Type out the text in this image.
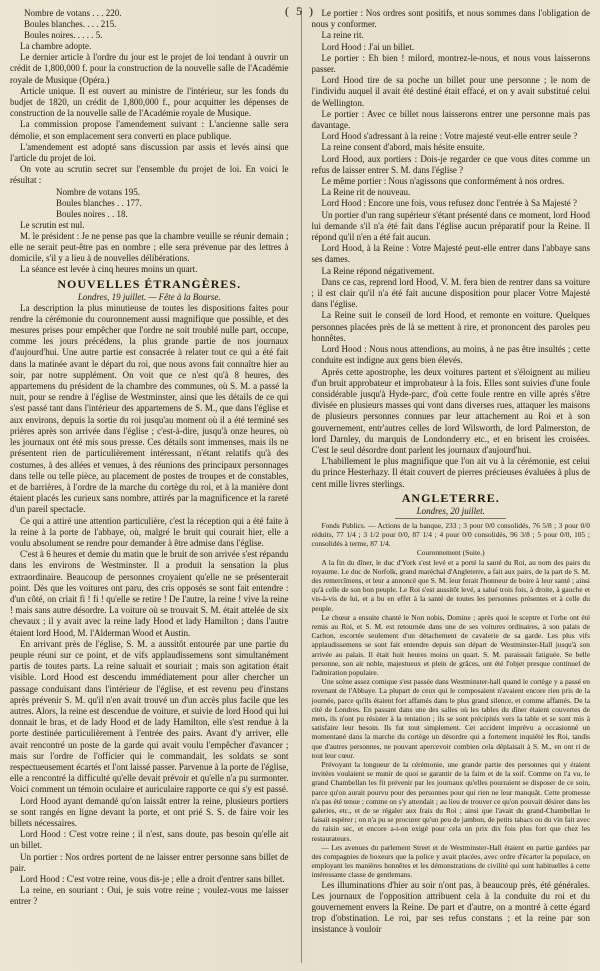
( 5 )
Nombre de votans . . . 220.
Boules blanches. . . . 215.
Boules noires. . . . . 5.

La chambre adopte.

Le dernier article à l'ordre du jour est le projet de loi tendant à ouvrir un crédit de 1,800,000 f. pour la construction de la nouvelle salle de l'Académie royale de Musique (Opéra.)

Article unique. Il est ouvert au ministre de l'intérieur, sur les fonds du budjet de 1820, un crédit de 1,800,000 f., pour acquitter les dépenses de construction de la nouvelle salle de l'Académie royale de Musique.

La commission propose l'amendement suivant : L'ancienne salle sera démolie, et son emplacement sera converti en place publique.

L'amendement est adopté sans discussion par assis et levés ainsi que l'article du projet de loi.

On vote au scrutin secret sur l'ensemble du projet de loi. En voici le résultat :

Nombre de votans 195.
Boules blanches . . 177.
Boules noires . . 18.

Le scrutin est nul.

M. le président : Je ne pense pas que la chambre veuille se réunir demain ; elle ne serait peut-être pas en nombre ; elle sera prévenue par des lettres à domicile, s'il y a lieu à de nouvelles délibérations.

La séance est levée à cinq heures moins un quart.

NOUVELLES ÉTRANGÈRES.
Londres, 19 juillet. — Fête à la Bourse.

La description la plus minutieuse de toutes les dispositions faites pour rendre la cérémonie du couronnement aussi magnifique que possible, et des mesures prises pour empêcher que l'ordre ne soit troublé nulle part, occupe, comme les jours précédens, la plus grande partie de nos journaux d'aujourd'hui. Une autre partie est consacrée à relater tout ce qui a été fait dans la matinée avant le départ du roi, que nous avons fait connaître hier au soir, par notre supplément. On voit que ce n'est qu'à 8 heures, des appartemens du président de la chambre des communes, où S. M. a passé la nuit, pour se rendre à l'église de Westminster, ainsi que les détails de ce qui s'est passé tant dans l'intérieur des appartemens de S. M., que dans l'église et aux environs, depuis la sortie du roi jusqu'au moment où il a été terminé ses prières après son arrivée dans l'église ; c'est-à-dire, jusqu'à onze heures, où les journaux ont été mis sous presse. Ces détails sont immenses, mais ils ne présentent rien de particulièrement intéressant, n'étant relatifs qu'à des costumes, à des allées et venues, à des réunions des principaux personnages dans telle ou telle pièce, au placement de postes de troupes et de constables, et de barrières, à l'ordre de la marche du cortège du roi, et à la manière dont étaient placés les curieux sans nombre, attirés par la magnificence et la rareté d'un pareil spectacle.

Ce qui a attiré une attention particulière, c'est la réception qui a été faite à la reine à la porte de l'abbaye, où, malgré le bruit qui courait hier, elle a voulu absolument se rendre pour demander à être admise dans l'église.

C'est à 6 heures et demie du matin que le bruit de son arrivée s'est répandu dans les environs de Westminster. Il a produit la sensation la plus extraordinaire. Beaucoup de personnes croyaient qu'elle ne se présenterait point. Dès que les voitures ont paru, des cris opposés se sont fait entendre : d'un côté, on criait fi ! fi ! qu'elle se retire ! De l'autre, la reine ! vive la reine ! mais sans autre désordre. La voiture où se trouvait S. M. était attelée de six chevaux ; il y avait avec la reine lady Hood et lady Hamilton ; dans l'autre étaient lord Hood, M. l'Alderman Wood et Austin.

En arrivant près de l'église, S. M. a aussitôt entourée par une partie du peuple réuni sur ce point, et de vifs applaudissemens sont simultanément partis de toutes parts. La reine saluait et souriait ; mais son agitation était visible. Lord Hood est descendu immédiatement pour aller chercher un passage conduisant dans l'intérieur de l'église, et est revenu peu d'instans après prévenir S. M. qu'il n'en avait trouvé un d'un accès plus facile que les autres. Alors, la reine est descendue de voiture, et suivie de lord Hood qui lui donnait le bras, et de lady Hood et de lady Hamilton, elle s'est rendue à la porte destinée particulièrement à l'entrée des pairs. Avant d'y arriver, elle avait rencontré un poste de la garde qui avait voulu l'empêcher d'avancer ; mais sur l'ordre de l'officier qui le commandait, les soldats se sont respectueusement écartés et l'ont laissé passer. Parvenue à la porte de l'église, elle a rencontré la difficulté qu'elle devait prévoir et qu'elle n'a pu surmonter. Voici comment un témoin oculaire et auriculaire rapporte ce qui s'y est passé.

Lord Hood ayant demandé qu'on laissât entrer la reine, plusieurs portiers se sont rangés en ligne devant la porte, et ont prié S. S. de faire voir les billets nécessaires.

Lord Hood : C'est votre reine ; il n'est, sans doute, pas besoin qu'elle ait un billet.

Un portier : Nos ordres portent de ne laisser entrer personne sans billet de pair.

Lord Hood : C'est votre reine, vous dis-je ; elle a droit d'entrer sans billet.

La reine, en souriant : Oui, je suis votre reine ; voulez-vous me laisser entrer ?

Le portier : Nos ordres sont positifs, et nous sommes dans l'obligation de nous y conformer.

La reine rit.

Lord Hood : J'ai un billet.

Le portier : Eh bien ! milord, montrez-le-nous, et nous vous laisserons passer.

Lord Hood tire de sa poche un billet pour une personne ; le nom de l'individu auquel il avait été destiné était effacé, et on y avait substitué celui de Wellington.

Le portier : Avec ce billet nous laisserons entrer une personne mais pas davantage.

Lord Hood s'adressant à la reine : Votre majesté veut-elle entrer seule ?

La reine consent d'abord, mais hésite ensuite.

Lord Hood, aux portiers : Dois-je regarder ce que vous dites comme un refus de laisser entrer S. M. dans l'église ?

Le même portier : Nous n'agissons que conformément à nos ordres.

La Reine rit de nouveau.

Lord Hood : Encore une fois, vous refusez donc l'entrée à Sa Majesté ?

Un portier d'un rang supérieur s'étant présenté dans ce moment, lord Hood lui demande s'il n'a été fait dans l'église aucun préparatif pour la Reine. Il répond qu'il n'en a été fait aucun.

Lord Hood, à la Reine : Votre Majesté peut-elle entrer dans l'abbaye sans ses dames.

La Reine répond négativement.

Dans ce cas, reprend lord Hood, V. M. fera bien de rentrer dans sa voiture ; il est clair qu'il n'a été fait aucune disposition pour placer Votre Majesté dans l'église.

La Reine suit le conseil de lord Hood, et remonte en voiture. Quelques personnes placées près de là se mettent à rire, et prononcent des paroles peu honnêtes.

Lord Hood : Nous nous attendions, au moins, à ne pas être insultés ; cette conduite est indigne aux gens bien élevés.

Après cette apostrophe, les deux voitures partent et s'éloignent au milieu d'un bruit approbateur et improbateur à la fois. Elles sont suivies d'une foule considérable jusqu'à Hyde-parc, d'où cette foule rentre en ville après s'être divisée en plusieurs masses qui vont dans diverses rues, attaquer les maisons de plusieurs personnes connues par leur attachement au Roi et à son gouvernement, entr'autres celles de lord Wilsworth, de lord Palmerston, de lord Darnley, du marquis de Londonderry etc., et en brisent les croisées. C'est le seul désordre dont parlent les journaux d'aujourd'hui.

L'habillement le plus magnifique que l'on ait vu à la cérémonie, est celui du prince Hesterhazy. Il était couvert de pierres précieuses évaluées à plus de cent mille livres sterlings.

ANGLETERRE.
Londres, 20 juillet.

Fonds Publics. — Actions de la banque, 233 ; 3 pour 0/0 consolidés, 76 5/8 ; 3 pour 0/0 réduits, 77 1/4 ; 3 1/2 pour 0/0, 87 1/4 ; 4 pour 0/0 consolidés, 96 3/8 ; 5 pour 0/0, 105 ; consolidés à terme, 87 1/4.

Couronnement (Suite.)

A la fin du dîner, le duc d'York s'est levé et a porté la santé du Roi, au nom des pairs du royaume. Le duc de Norfolk, grand maréchal d'Angleterre, a fait aux pairs, de la part de S. M. des remercîmens, et leur a annoncé que S. M. leur ferait l'honneur de boire à leur santé ; ainsi qu'à celle de son bon peuple. Le Roi s'est aussitôt levé, a salué trois fois, à droite, à gauche et vis-à-vis de lui, et a bu en effet à la santé de toutes les personnes présentes et à celle du peuple.

Le chœur a ensuite chanté le Non nobis, Domine ; après quoi le sceptre et l'orbe ont été remis au Roi, et S. M. est retournée dans une de ses voitures ordinaires, à son palais de Carlton, escortée seulement d'un détachement de cavalerie de sa garde. Les plus vifs applaudissemens se sont fait entendre depuis son départ de Westminster-Hall jusqu'à son arrivée au palais. Il était huit heures moins un quart. S. M. paraissait fatiguée. Se belle personne, son air noble, majestueux et plein de grâces, ont été l'objet presque continuel de l'admiration populaire.

Une scène assez comique s'est passée dans Westminster-hall quand le cortège y a passé en revenant de l'Abbaye. La plupart de ceux qui le composaient n'avaient encore rien pris de la journée, parce qu'ils étaient fort affamés dans le plus grand silence, et comme affamés. De la cité de Londres. En passant dans une des salles où les tables du dîner étaient couvertes de mets, ils n'ont pu résister à la tentation ; ils se sont précipités vers la table et se sont mis à satisfaire leur besoin. Ils fut tout simplement. Cet accident imprévu a occasionné un momentané dans la marche du cortège un désordre qui a fortement inquiété les Roi, tandis que d'autres personnes, ne pouvant apercevoir combien cela déplaisait à S. M., en ont ri de tout leur cœur.

Prévoyant la longueur de la cérémonie, une grande partie des personnes qui y étaient invitées voulaient se munir de quoi se garantir de la faim et de la soif. Comme on l'a vu, le grand Chambellan les fit prévenir par les journaux qu'elles pourraient se disposer de ce soin, parce qu'on aurait pourvu pour des personnes pour qui rien ne leur manquât. Cette promesse n'a pas été tenue ; comme on s'y attendait ; au lieu de trouver ce qu'on pouvait désirer dans les galeries, etc., et de se régaler aux frais du Roi ; ainsi que l'avait du grand-Chambellan le faisait espérer ; on n'a pu se procurer qu'un peu de jambon, de petits tabacs ou du vin fait avec du raisin sec, et encore a-t-on exigé pour cela un prix dix fois plus fort que chez les restaurateurs.

— Les avenues du parlement Street et de Westminster-Hall étaient en partie gardées par des compagnies de boxeurs que la police y avait placées, avec ordre d'écarter la populace, en employant les manières honnêtes et les démonstrations de civilité qui sont habituelles à cette intéressante classe de gentlemans.

Les illuminations d'hier au soir n'ont pas, à beaucoup près, été générales. Les journaux de l'opposition attribuent cela à la conduite du roi et du gouvernement envers la Reine. De part et d'autre, on a montré à cette égard trop d'obstination. Le roi, par ses refus constans ; et la reine par son insistance à vouloir
